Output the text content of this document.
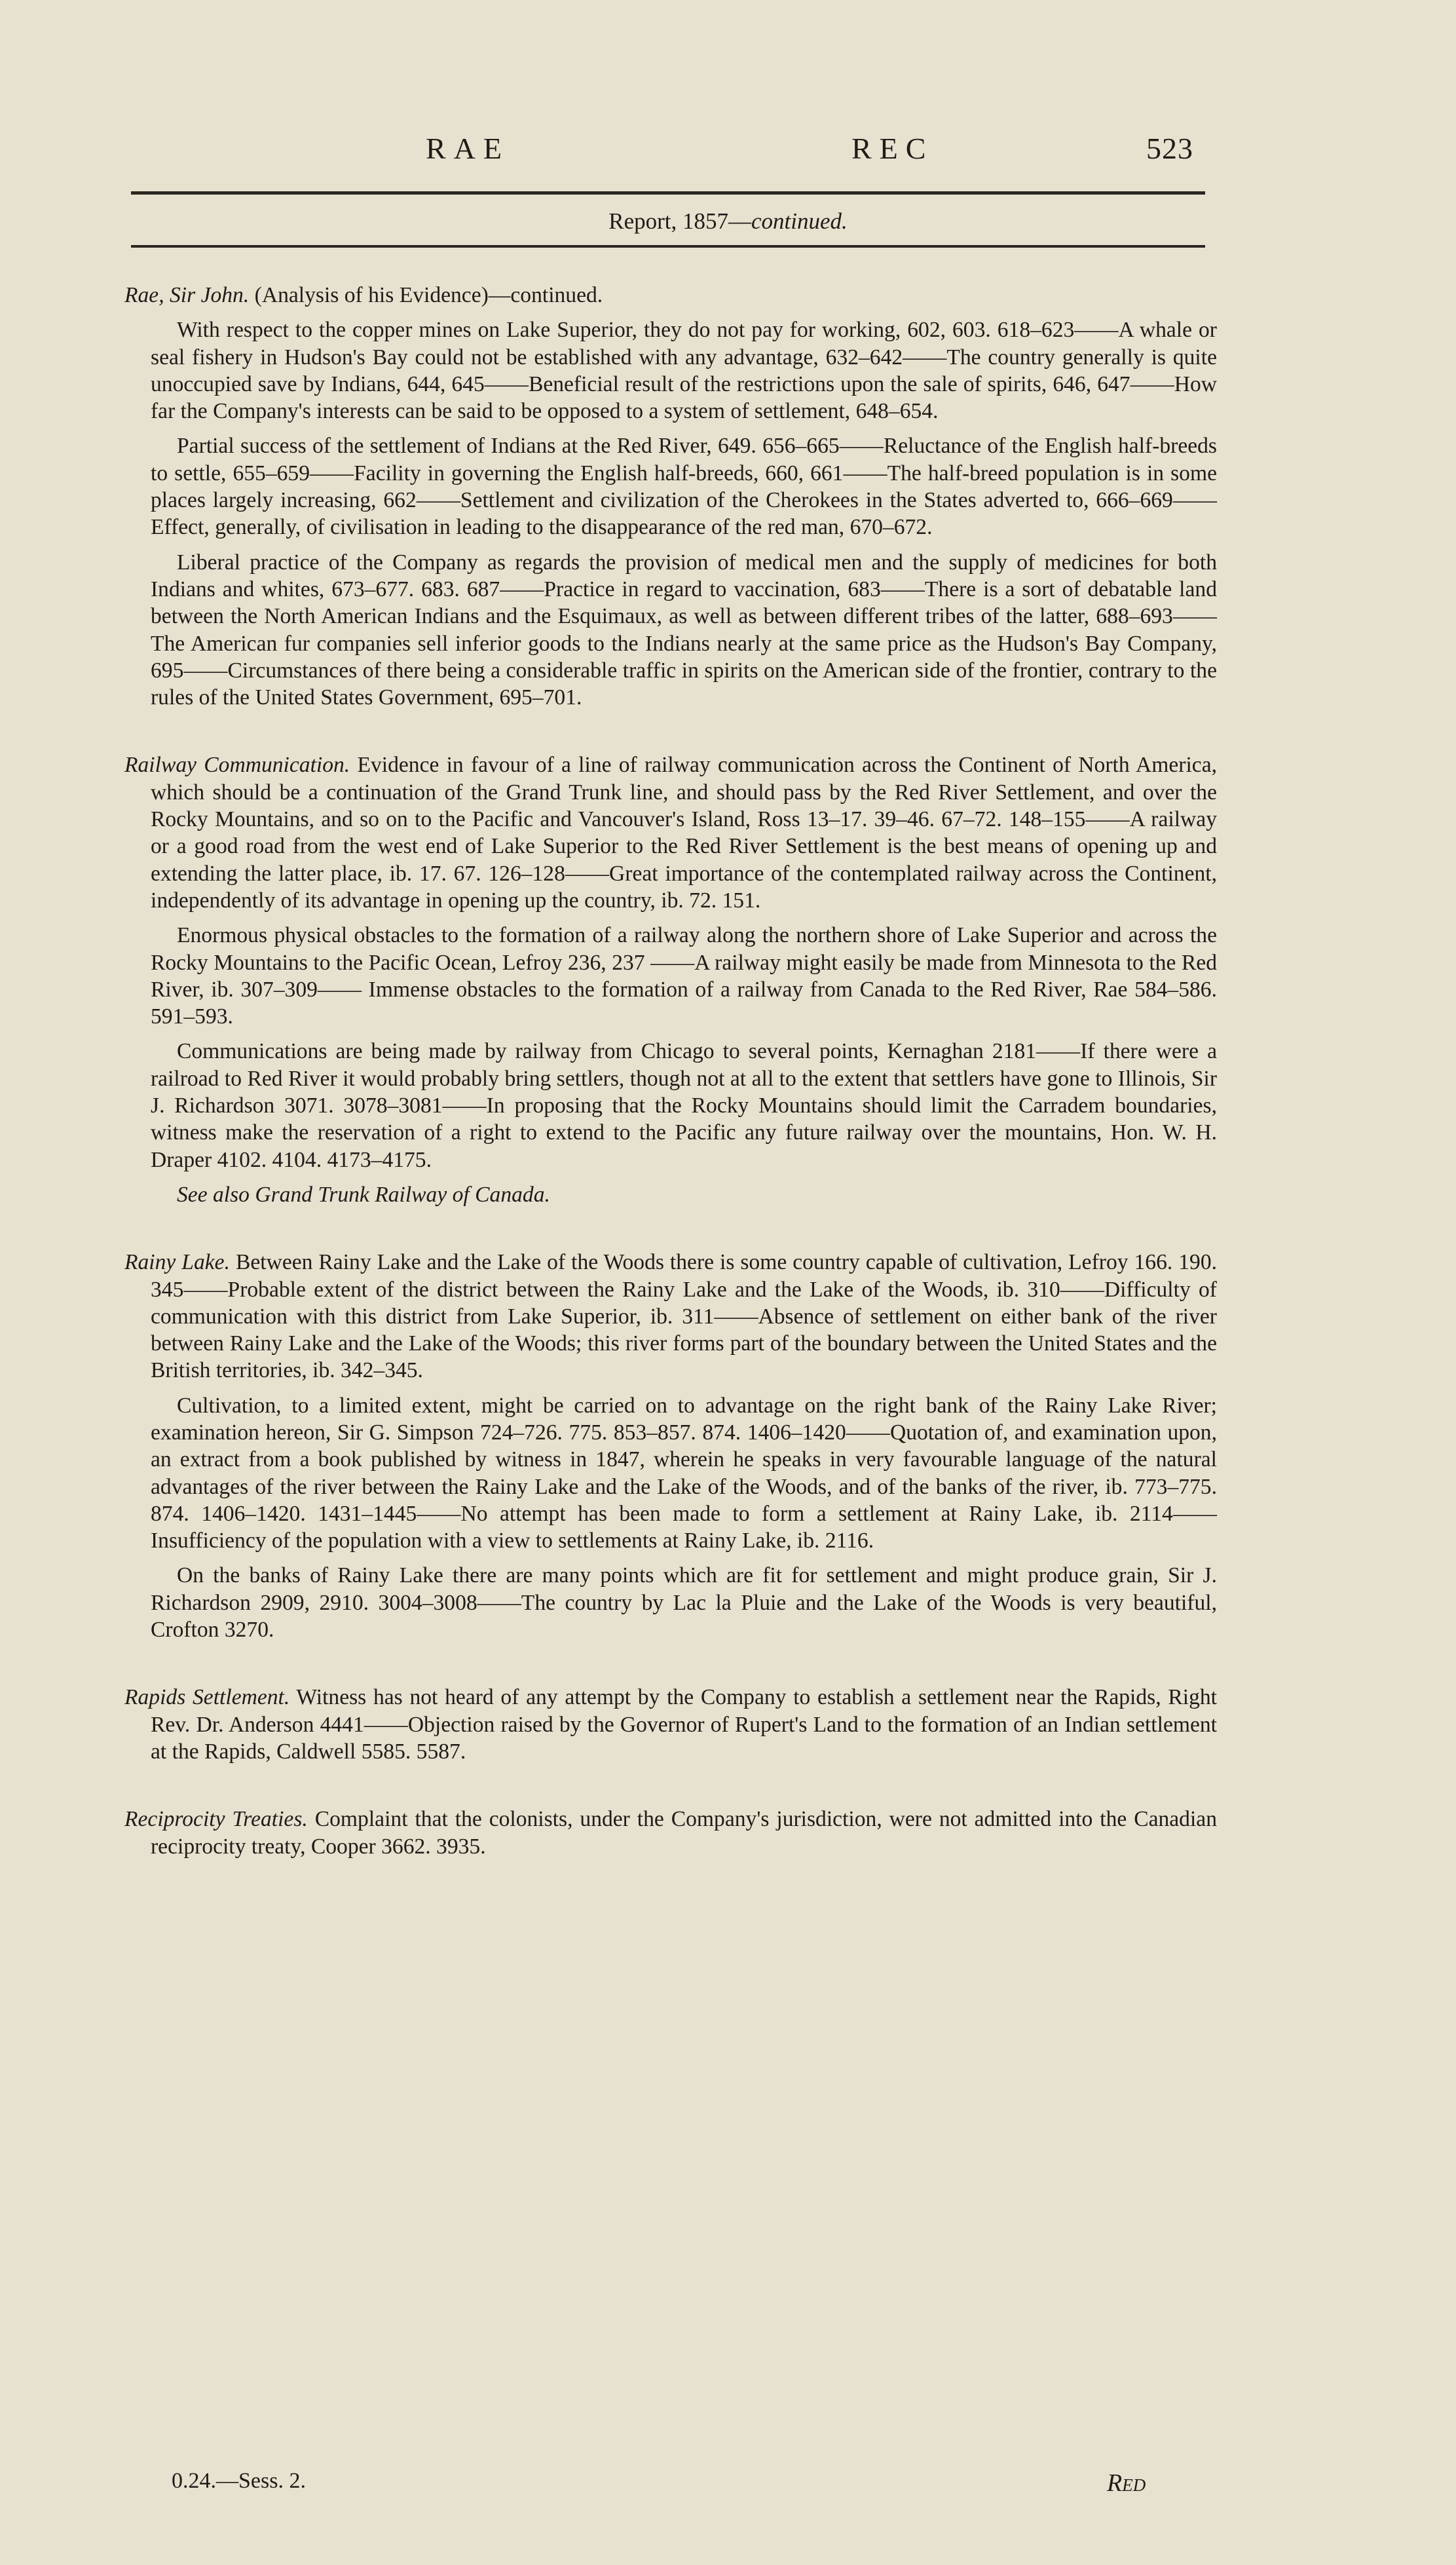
RAE	REC	523
Report, 1857—continued.

Rae, Sir John. (Analysis of his Evidence)—continued.

With respect to the copper mines on Lake Superior, they do not pay for working, 602, 603. 618–623——A whale or seal fishery in Hudson's Bay could not be established with any advantage, 632–642——The country generally is quite unoccupied save by Indians, 644, 645——Beneficial result of the restrictions upon the sale of spirits, 646, 647——How far the Company's interests can be said to be opposed to a system of settlement, 648–654.

Partial success of the settlement of Indians at the Red River, 649. 656–665——Reluctance of the English half-breeds to settle, 655–659——Facility in governing the English half-breeds, 660, 661——The half-breed population is in some places largely increasing, 662——Settlement and civilization of the Cherokees in the States adverted to, 666–669——Effect, generally, of civilisation in leading to the disappearance of the red man, 670–672.

Liberal practice of the Company as regards the provision of medical men and the supply of medicines for both Indians and whites, 673–677. 683. 687——Practice in regard to vaccination, 683——There is a sort of debatable land between the North American Indians and the Esquimaux, as well as between different tribes of the latter, 688–693——The American fur companies sell inferior goods to the Indians nearly at the same price as the Hudson's Bay Company, 695——Circumstances of there being a considerable traffic in spirits on the American side of the frontier, contrary to the rules of the United States Government, 695–701.

Railway Communication. Evidence in favour of a line of railway communication across the Continent of North America, which should be a continuation of the Grand Trunk line, and should pass by the Red River Settlement, and over the Rocky Mountains, and so on to the Pacific and Vancouver's Island, Ross 13–17. 39–46. 67–72. 148–155——A railway or a good road from the west end of Lake Superior to the Red River Settlement is the best means of opening up and extending the latter place, ib. 17. 67. 126–128——Great importance of the contemplated railway across the Continent, independently of its advantage in opening up the country, ib. 72. 151.

Enormous physical obstacles to the formation of a railway along the northern shore of Lake Superior and across the Rocky Mountains to the Pacific Ocean, Lefroy 236, 237 ——A railway might easily be made from Minnesota to the Red River, ib. 307–309—— Immense obstacles to the formation of a railway from Canada to the Red River, Rae 584–586. 591–593.

Communications are being made by railway from Chicago to several points, Kernaghan 2181——If there were a railroad to Red River it would probably bring settlers, though not at all to the extent that settlers have gone to Illinois, Sir J. Richardson 3071. 3078–3081——In proposing that the Rocky Mountains should limit the Carradem boundaries, witness make the reservation of a right to extend to the Pacific any future railway over the mountains, Hon. W. H. Draper 4102. 4104. 4173–4175.

See also Grand Trunk Railway of Canada.

Rainy Lake. Between Rainy Lake and the Lake of the Woods there is some country capable of cultivation, Lefroy 166. 190. 345——Probable extent of the district between the Rainy Lake and the Lake of the Woods, ib. 310——Difficulty of communication with this district from Lake Superior, ib. 311——Absence of settlement on either bank of the river between Rainy Lake and the Lake of the Woods; this river forms part of the boundary between the United States and the British territories, ib. 342–345.

Cultivation, to a limited extent, might be carried on to advantage on the right bank of the Rainy Lake River; examination hereon, Sir G. Simpson 724–726. 775. 853–857. 874. 1406–1420——Quotation of, and examination upon, an extract from a book published by witness in 1847, wherein he speaks in very favourable language of the natural advantages of the river between the Rainy Lake and the Lake of the Woods, and of the banks of the river, ib. 773–775. 874. 1406–1420. 1431–1445——No attempt has been made to form a settlement at Rainy Lake, ib. 2114——Insufficiency of the population with a view to settlements at Rainy Lake, ib. 2116.

On the banks of Rainy Lake there are many points which are fit for settlement and might produce grain, Sir J. Richardson 2909, 2910. 3004–3008——The country by Lac la Pluie and the Lake of the Woods is very beautiful, Crofton 3270.

Rapids Settlement. Witness has not heard of any attempt by the Company to establish a settlement near the Rapids, Right Rev. Dr. Anderson 4441——Objection raised by the Governor of Rupert's Land to the formation of an Indian settlement at the Rapids, Caldwell 5585. 5587.

Reciprocity Treaties. Complaint that the colonists, under the Company's jurisdiction, were not admitted into the Canadian reciprocity treaty, Cooper 3662. 3935.

0.24.—Sess. 2.	Red
